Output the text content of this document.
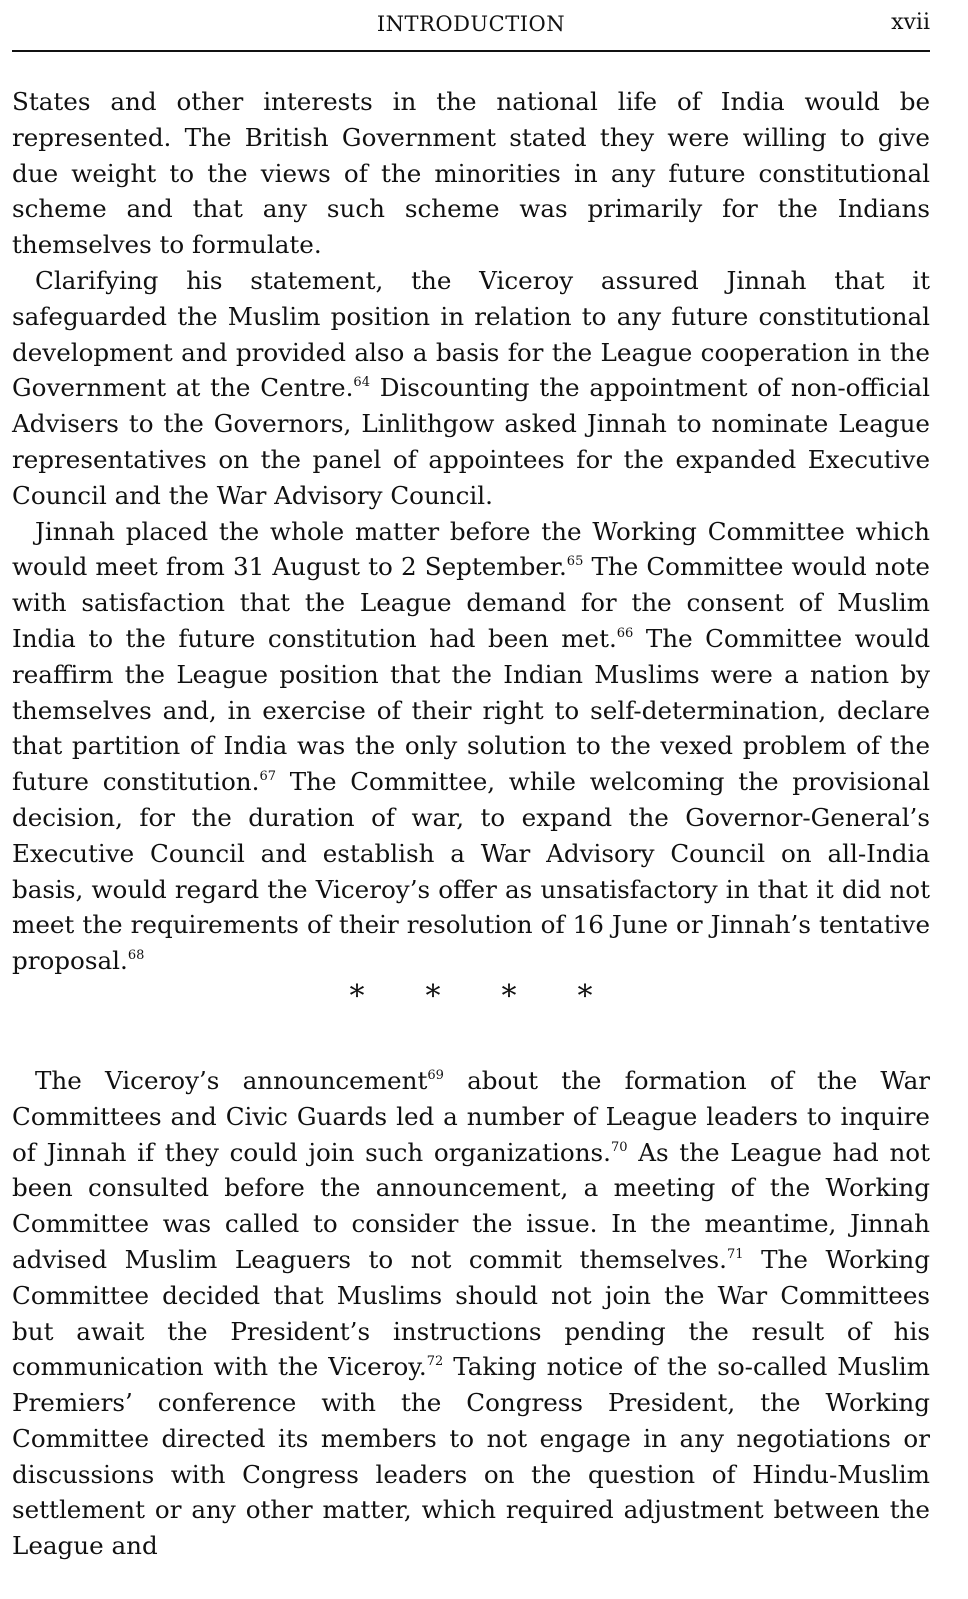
INTRODUCTION	xvii

States and other interests in the national life of India would be represented. The British Government stated they were willing to give due weight to the views of the minorities in any future constitutional scheme and that any such scheme was primarily for the Indians themselves to formulate.

Clarifying his statement, the Viceroy assured Jinnah that it safeguarded the Muslim position in relation to any future constitutional development and provided also a basis for the League cooperation in the Government at the Centre.$^{64}$ Discounting the appointment of non-official Advisers to the Governors, Linlithgow asked Jinnah to nominate League representatives on the panel of appointees for the expanded Executive Council and the War Advisory Council.

Jinnah placed the whole matter before the Working Committee which would meet from 31 August to 2 September.$^{65}$ The Committee would note with satisfaction that the League demand for the consent of Muslim India to the future constitution had been met.$^{66}$ The Committee would reaffirm the League position that the Indian Muslims were a nation by themselves and, in exercise of their right to self-determination, declare that partition of India was the only solution to the vexed problem of the future constitution.$^{67}$ The Committee, while welcoming the provisional decision, for the duration of war, to expand the Governor-General’s Executive Council and establish a War Advisory Council on all-India basis, would regard the Viceroy’s offer as unsatisfactory in that it did not meet the requirements of their resolution of 16 June or Jinnah’s tentative proposal.$^{68}$

* * * *

The Viceroy’s announcement$^{69}$ about the formation of the War Committees and Civic Guards led a number of League leaders to inquire of Jinnah if they could join such organizations.$^{70}$ As the League had not been consulted before the announcement, a meeting of the Working Committee was called to consider the issue. In the meantime, Jinnah advised Muslim Leaguers to not commit themselves.$^{71}$ The Working Committee decided that Muslims should not join the War Committees but await the President’s instructions pending the result of his communication with the Viceroy.$^{72}$ Taking notice of the so-called Muslim Premiers’ conference with the Congress President, the Working Committee directed its members to not engage in any negotiations or discussions with Congress leaders on the question of Hindu-Muslim settlement or any other matter, which required adjustment between the League and
